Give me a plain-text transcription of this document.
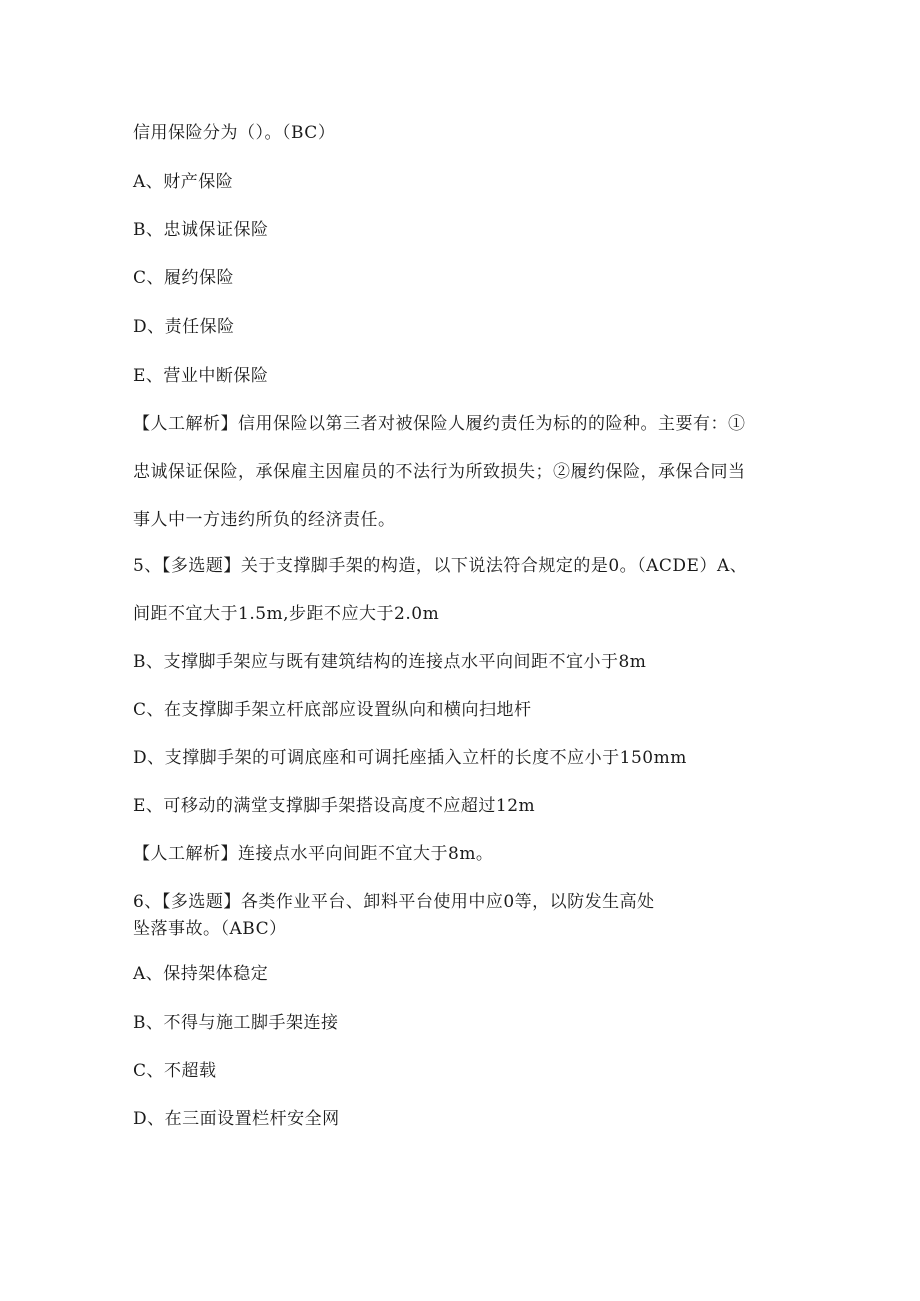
信用保险分为（）。（BC）
A、财产保险
B、忠诚保证保险
C、履约保险
D、责任保险
E、营业中断保险
【人工解析】信用保险以第三者对被保险人履约责任为标的的险种。主要有：①
忠诚保证保险，承保雇主因雇员的不法行为所致损失；②履约保险，承保合同当
事人中一方违约所负的经济责任。
5、【多选题】关于支撑脚手架的构造，以下说法符合规定的是0。（ACDE）A、
间距不宜大于1.5m,步距不应大于2.0m
B、支撑脚手架应与既有建筑结构的连接点水平向间距不宜小于8m
C、在支撑脚手架立杆底部应设置纵向和横向扫地杆
D、支撑脚手架的可调底座和可调托座插入立杆的长度不应小于150mm
E、可移动的满堂支撑脚手架搭设高度不应超过12m
【人工解析】连接点水平向间距不宜大于8m。
6、【多选题】各类作业平台、卸料平台使用中应0等，以防发生高处
坠落事故。（ABC）
A、保持架体稳定
B、不得与施工脚手架连接
C、不超载
D、在三面设置栏杆安全网
